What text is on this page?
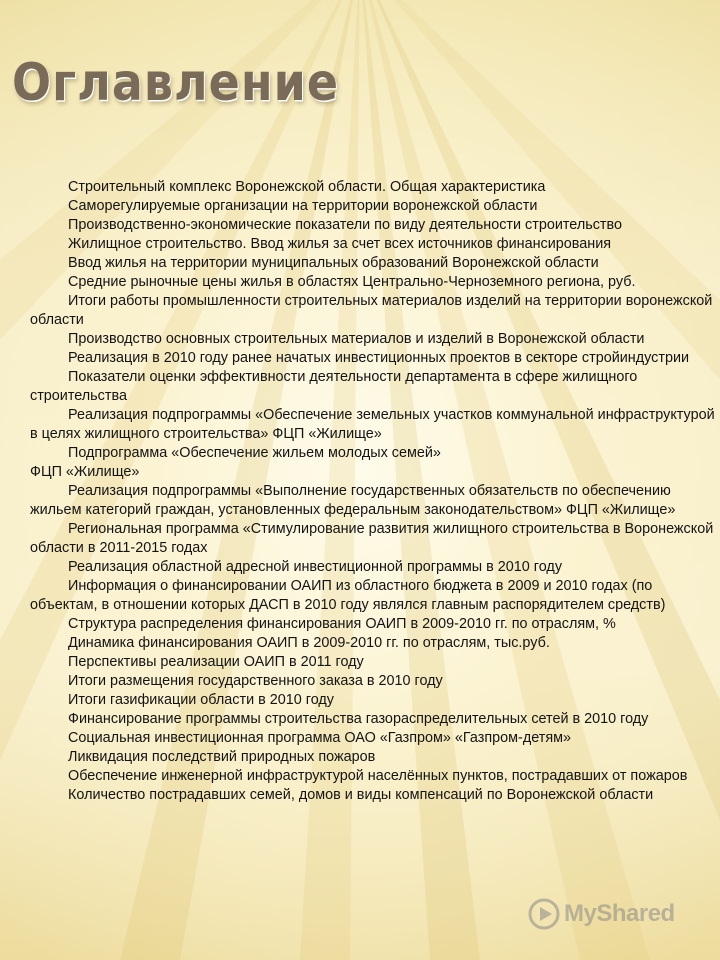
Оглавление
Строительный комплекс Воронежской области. Общая характеристика
Саморегулируемые организации на территории воронежской области
Производственно-экономические показатели по виду деятельности строительство
Жилищное строительство. Ввод жилья за счет всех источников финансирования
Ввод жилья на территории муниципальных образований Воронежской области
Средние рыночные цены жилья в областях Центрально-Черноземного региона, руб.
Итоги работы промышленности строительных материалов изделий на территории воронежской области
Производство основных строительных материалов и изделий в Воронежской области
Реализация в 2010 году ранее начатых инвестиционных проектов в секторе стройиндустрии
Показатели оценки эффективности деятельности департамента в сфере жилищного строительства
Реализация подпрограммы «Обеспечение земельных участков коммунальной инфраструктурой в целях жилищного строительства» ФЦП «Жилище»
Подпрограмма «Обеспечение жильем молодых семей»
ФЦП «Жилище»
Реализация подпрограммы «Выполнение государственных обязательств по обеспечению жильем категорий граждан, установленных федеральным законодательством» ФЦП «Жилище»
Региональная программа «Стимулирование развития жилищного строительства в Воронежской области в 2011-2015 годах
Реализация областной адресной инвестиционной программы в 2010 году
Информация о финансировании ОАИП из областного бюджета в 2009 и 2010 годах (по объектам, в отношении которых ДАСП в 2010 году являлся главным распорядителем средств)
Структура распределения финансирования ОАИП в 2009-2010 гг. по отраслям, %
Динамика финансирования ОАИП в 2009-2010 гг. по отраслям, тыс.руб.
Перспективы реализации ОАИП в 2011 году
Итоги размещения государственного заказа в 2010 году
Итоги газификации области в 2010 году
Финансирование программы строительства газораспределительных сетей в 2010 году
Социальная инвестиционная программа ОАО «Газпром» «Газпром-детям»
Ликвидация последствий природных пожаров
Обеспечение инженерной инфраструктурой населённых пунктов, пострадавших от пожаров
Количество пострадавших семей, домов и виды компенсаций по Воронежской области
MyShared
